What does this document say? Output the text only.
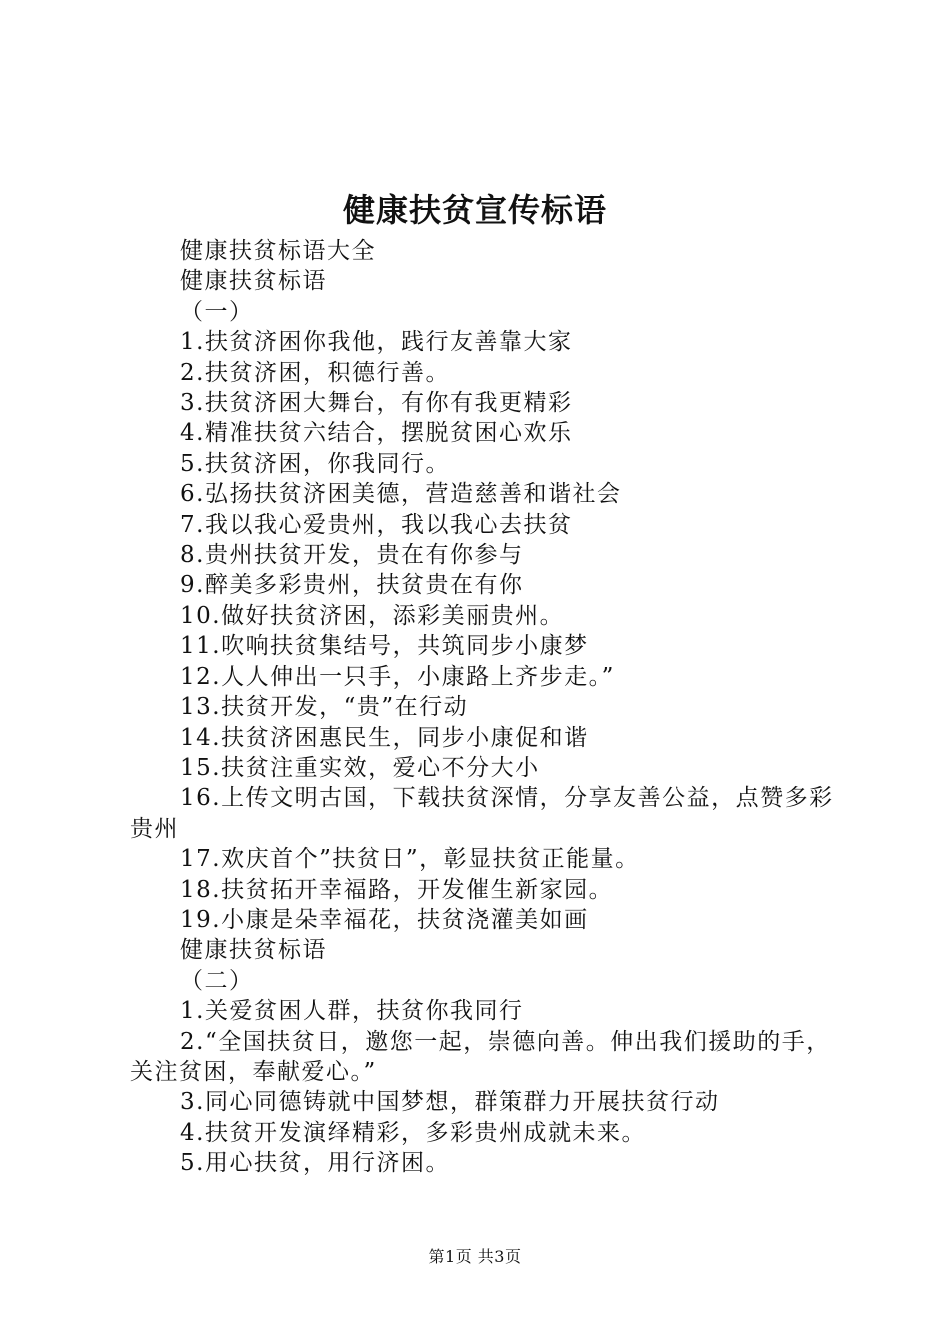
健康扶贫宣传标语
健康扶贫标语大全
健康扶贫标语
（一）
1.扶贫济困你我他，践行友善靠大家
2.扶贫济困，积德行善。
3.扶贫济困大舞台，有你有我更精彩
4.精准扶贫六结合，摆脱贫困心欢乐
5.扶贫济困，你我同行。
6.弘扬扶贫济困美德，营造慈善和谐社会
7.我以我心爱贵州，我以我心去扶贫
8.贵州扶贫开发，贵在有你参与
9.醉美多彩贵州，扶贫贵在有你
10.做好扶贫济困，添彩美丽贵州。
11.吹响扶贫集结号，共筑同步小康梦
12.人人伸出一只手，小康路上齐步走。”
13.扶贫开发，“贵”在行动
14.扶贫济困惠民生，同步小康促和谐
15.扶贫注重实效，爱心不分大小
16.上传文明古国，下载扶贫深情，分享友善公益，点赞多彩贵州
17.欢庆首个”扶贫日”，彰显扶贫正能量。
18.扶贫拓开幸福路，开发催生新家园。
19.小康是朵幸福花，扶贫浇灌美如画
健康扶贫标语
（二）
1.关爱贫困人群，扶贫你我同行
2.“全国扶贫日，邀您一起，崇德向善。伸出我们援助的手，关注贫困，奉献爱心。”
3.同心同德铸就中国梦想，群策群力开展扶贫行动
4.扶贫开发演绎精彩，多彩贵州成就未来。
5.用心扶贫，用行济困。
第1页 共3页
